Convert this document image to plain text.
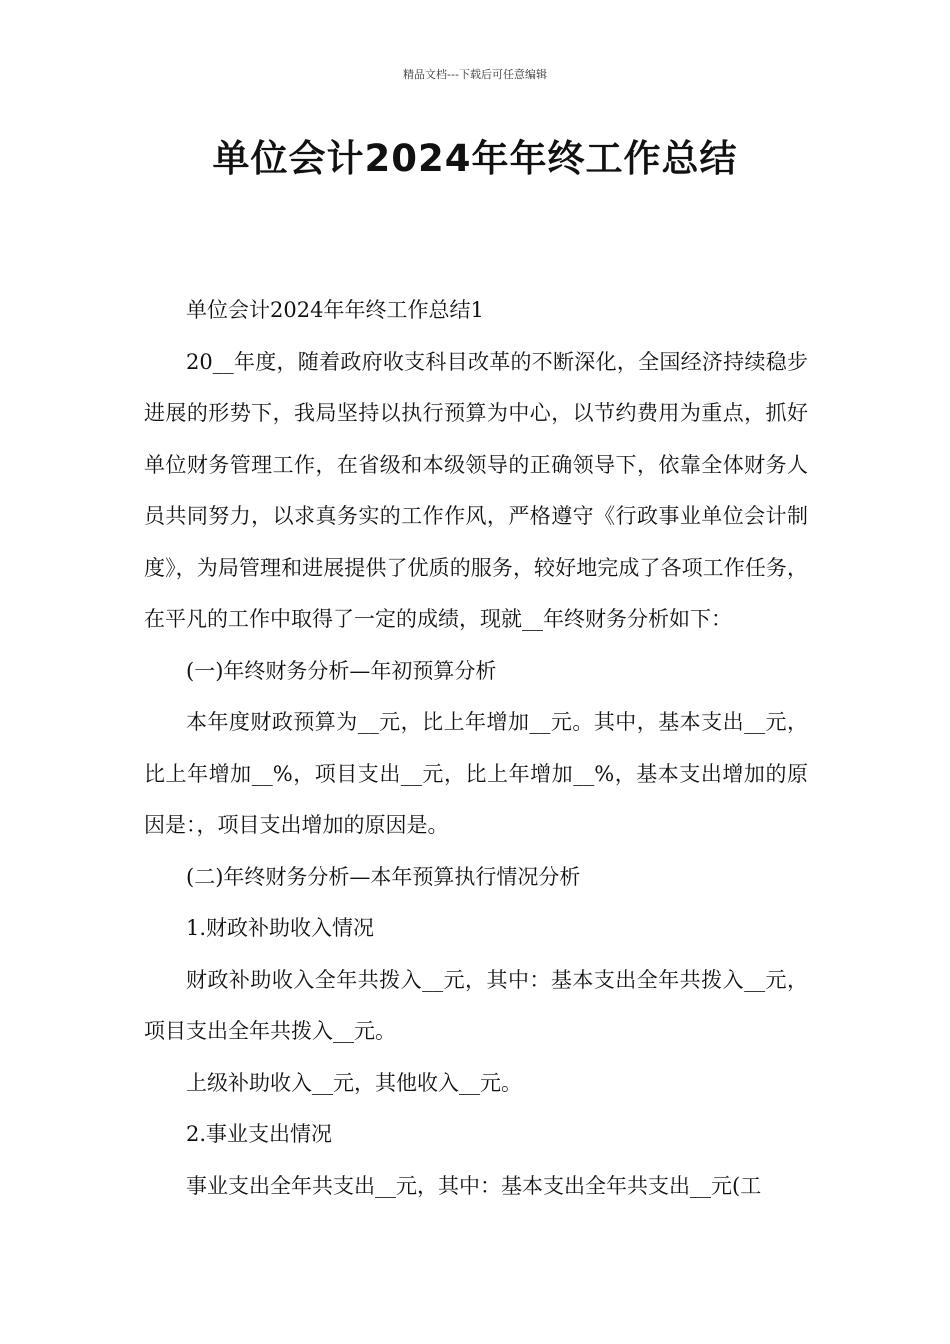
精品文档---下载后可任意编辑
单位会计2024年年终工作总结

单位会计2024年年终工作总结1

20__年度，随着政府收支科目改革的不断深化，全国经济持续稳步进展的形势下，我局坚持以执行预算为中心，以节约费用为重点，抓好单位财务管理工作，在省级和本级领导的正确领导下，依靠全体财务人员共同努力，以求真务实的工作作风，严格遵守《行政事业单位会计制度》，为局管理和进展提供了优质的服务，较好地完成了各项工作任务，在平凡的工作中取得了一定的成绩，现就__年终财务分析如下：

(一)年终财务分析—年初预算分析

本年度财政预算为__元，比上年增加__元。其中，基本支出__元，比上年增加__%，项目支出__元，比上年增加__%，基本支出增加的原因是：，项目支出增加的原因是。

(二)年终财务分析—本年预算执行情况分析

1.财政补助收入情况

财政补助收入全年共拨入__元，其中：基本支出全年共拨入__元，项目支出全年共拨入__元。

上级补助收入__元，其他收入__元。

2.事业支出情况

事业支出全年共支出__元，其中：基本支出全年共支出__元(工
